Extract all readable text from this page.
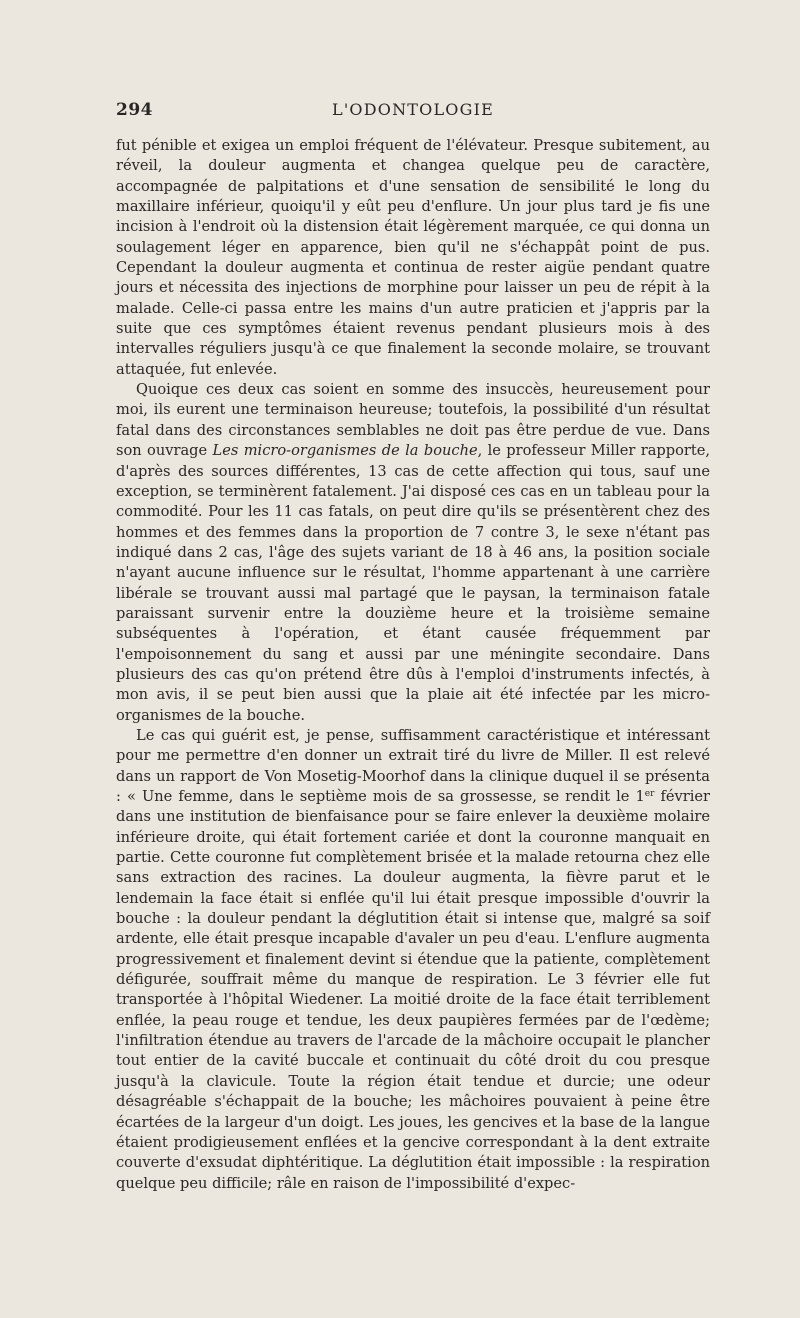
294	L'ODONTOLOGIE

fut pénible et exigea un emploi fréquent de l'élévateur. Presque subitement, au réveil, la douleur augmenta et changea quelque peu de caractère, accompagnée de palpitations et d'une sensation de sensibilité le long du maxillaire inférieur, quoiqu'il y eût peu d'enflure. Un jour plus tard je fis une incision à l'endroit où la distension était légèrement marquée, ce qui donna un soulagement léger en apparence, bien qu'il ne s'échappât point de pus. Cependant la douleur augmenta et continua de rester aigüe pendant quatre jours et nécessita des injections de morphine pour laisser un peu de répit à la malade. Celle-ci passa entre les mains d'un autre praticien et j'appris par la suite que ces symptômes étaient revenus pendant plusieurs mois à des intervalles réguliers jusqu'à ce que finalement la seconde molaire, se trouvant attaquée, fut enlevée.

Quoique ces deux cas soient en somme des insuccès, heureusement pour moi, ils eurent une terminaison heureuse; toutefois, la possibilité d'un résultat fatal dans des circonstances semblables ne doit pas être perdue de vue. Dans son ouvrage Les micro-organismes de la bouche, le professeur Miller rapporte, d'après des sources différentes, 13 cas de cette affection qui tous, sauf une exception, se terminèrent fatalement. J'ai disposé ces cas en un tableau pour la commodité. Pour les 11 cas fatals, on peut dire qu'ils se présentèrent chez des hommes et des femmes dans la proportion de 7 contre 3, le sexe n'étant pas indiqué dans 2 cas, l'âge des sujets variant de 18 à 46 ans, la position sociale n'ayant aucune influence sur le résultat, l'homme appartenant à une carrière libérale se trouvant aussi mal partagé que le paysan, la terminaison fatale paraissant survenir entre la douzième heure et la troisième semaine subséquentes à l'opération, et étant causée fréquemment par l'empoisonnement du sang et aussi par une méningite secondaire. Dans plusieurs des cas qu'on prétend être dûs à l'emploi d'instruments infectés, à mon avis, il se peut bien aussi que la plaie ait été infectée par les micro-organismes de la bouche.

Le cas qui guérit est, je pense, suffisamment caractéristique et intéressant pour me permettre d'en donner un extrait tiré du livre de Miller. Il est relevé dans un rapport de Von Mosetig-Moorhof dans la clinique duquel il se présenta : « Une femme, dans le septième mois de sa grossesse, se rendit le 1er février dans une institution de bienfaisance pour se faire enlever la deuxième molaire inférieure droite, qui était fortement cariée et dont la couronne manquait en partie. Cette couronne fut complètement brisée et la malade retourna chez elle sans extraction des racines. La douleur augmenta, la fièvre parut et le lendemain la face était si enflée qu'il lui était presque impossible d'ouvrir la bouche : la douleur pendant la déglutition était si intense que, malgré sa soif ardente, elle était presque incapable d'avaler un peu d'eau. L'enflure augmenta progressivement et finalement devint si étendue que la patiente, complètement défigurée, souffrait même du manque de respiration. Le 3 février elle fut transportée à l'hôpital Wiedener. La moitié droite de la face était terriblement enflée, la peau rouge et tendue, les deux paupières fermées par de l'œdème; l'infiltration étendue au travers de l'arcade de la mâchoire occupait le plancher tout entier de la cavité buccale et continuait du côté droit du cou presque jusqu'à la clavicule. Toute la région était tendue et durcie; une odeur désagréable s'échappait de la bouche; les mâchoires pouvaient à peine être écartées de la largeur d'un doigt. Les joues, les gencives et la base de la langue étaient prodigieusement enflées et la gencive correspondant à la dent extraite couverte d'exsudat diphtéritique. La déglutition était impossible : la respiration quelque peu difficile; râle en raison de l'impossibilité d'expec-
